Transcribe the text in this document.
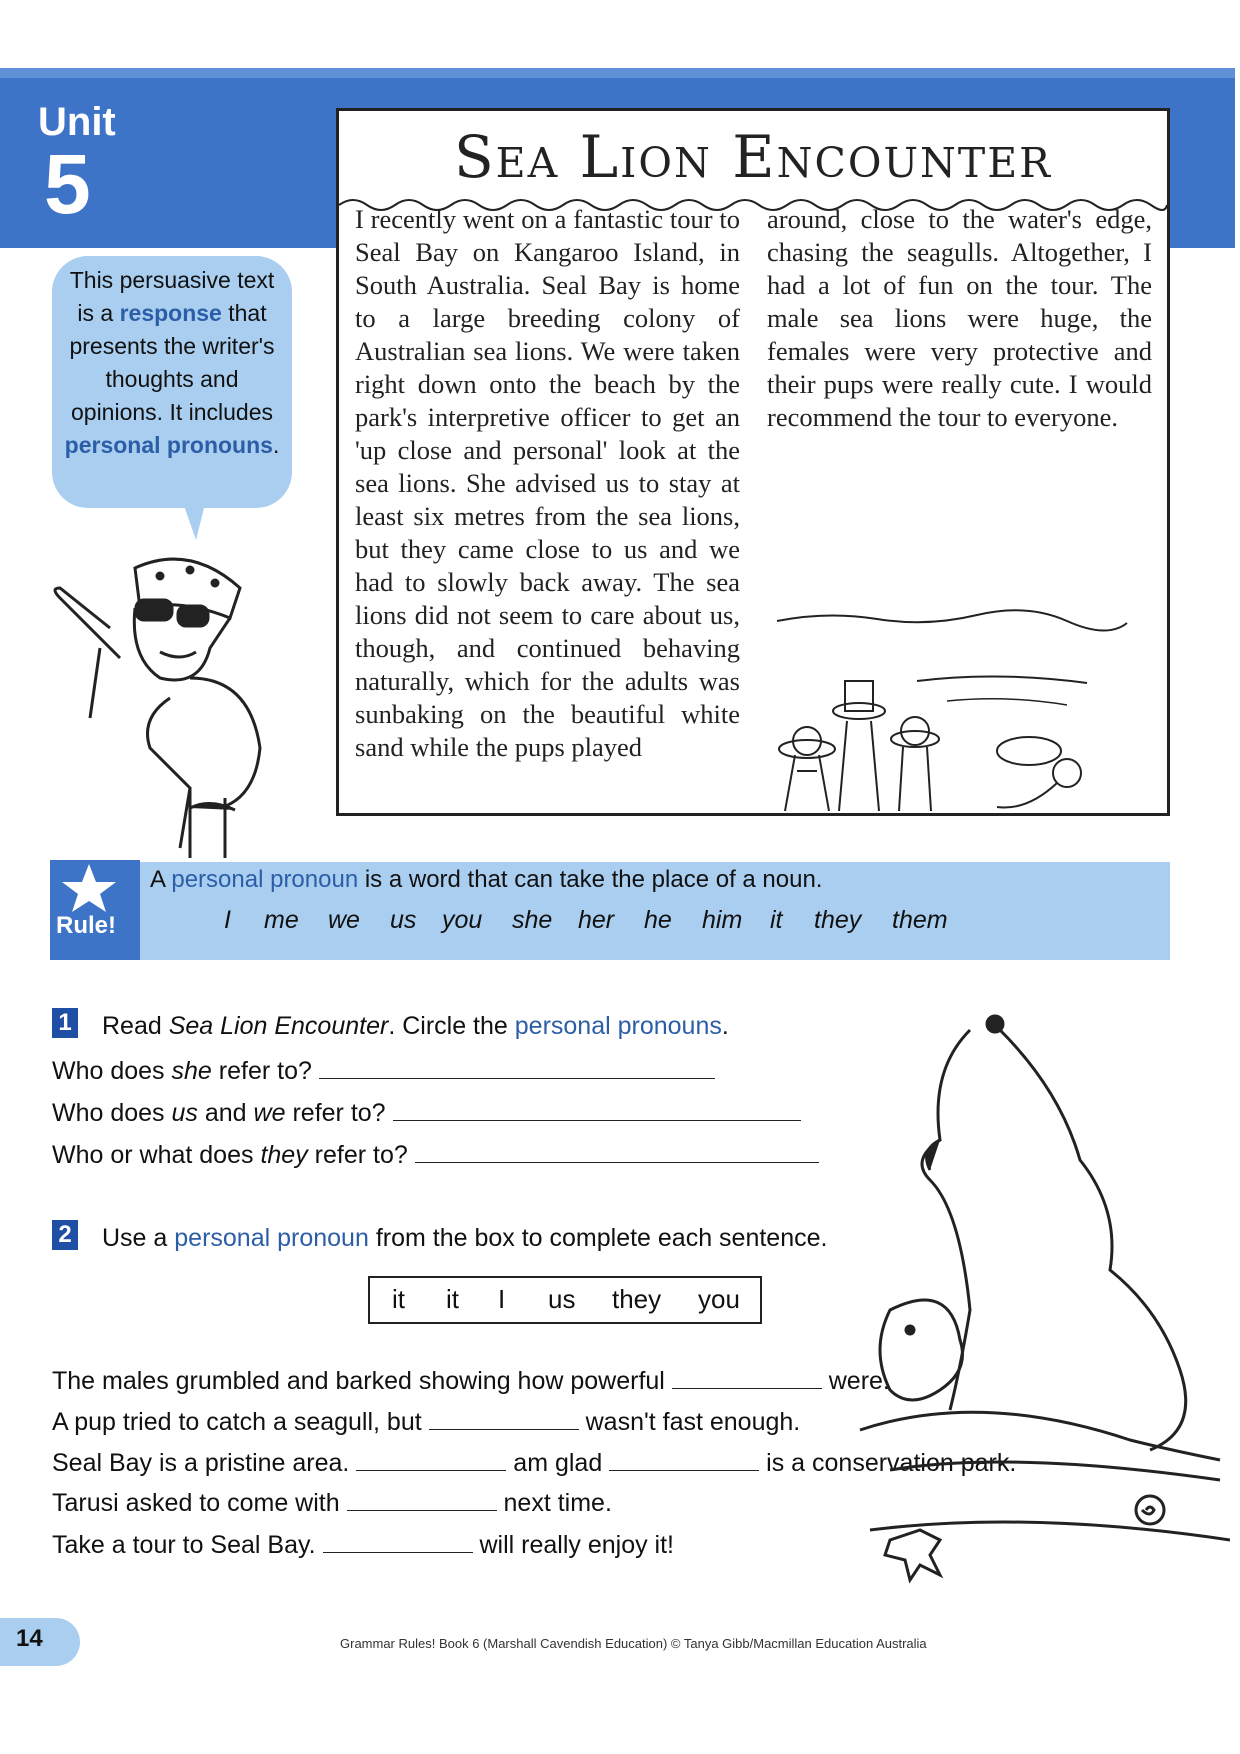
Unit
5	Sea Lion Encounter
I recently went on a fantastic tour to Seal Bay on Kangaroo Island, in South Australia. Seal Bay is home to a large breeding colony of Australian sea lions. We were taken right down onto the beach by the park's interpretive officer to get an 'up close and personal' look at the sea lions. She advised us to stay at least six metres from the sea lions, but they came close to us and we had to slowly back away. The sea lions did not seem to care about us, though, and continued behaving naturally, which for the adults was sunbaking on the beautiful white sand while the pups played
around, close to the water's edge, chasing the seagulls. Altogether, I had a lot of fun on the tour. The male sea lions were huge, the females were very protective and their pups were really cute. I would recommend the tour to everyone.
This persuasive text is a response that presents the writer's thoughts and opinions. It includes personal pronouns.
Rule!
A personal pronoun is a word that can take the place of a noun.
I me we us you she her he him it they them
1 Read Sea Lion Encounter. Circle the personal pronouns.
Who does she refer to?
Who does us and we refer to?
Who or what does they refer to?
2 Use a personal pronoun from the box to complete each sentence.
it it I us they you
The males grumbled and barked showing how powerful	were.
A pup tried to catch a seagull, but	wasn't fast enough.
Seal Bay is a pristine area.	am glad	is a conservation park.
Tarusi asked to come with	next time.
Take a tour to Seal Bay.	will really enjoy it!
14	Grammar Rules! Book 6 (Marshall Cavendish Education) © Tanya Gibb/Macmillan Education Australia
